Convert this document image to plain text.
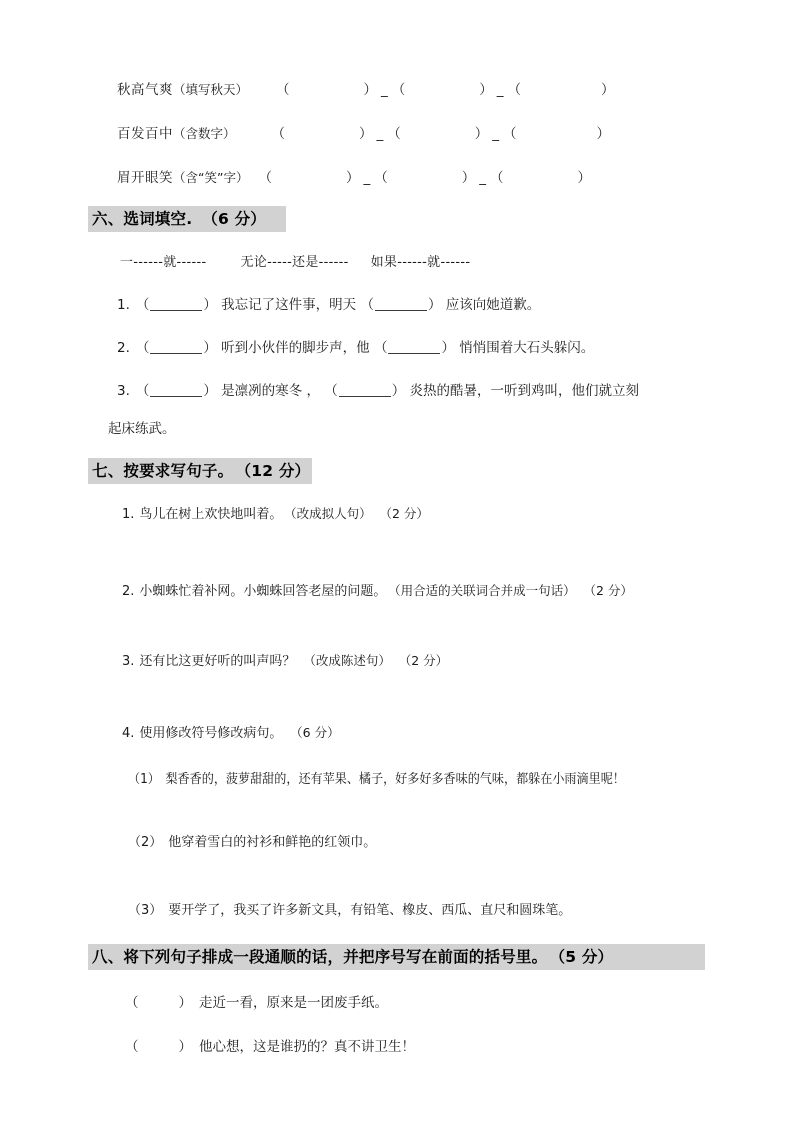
秋高气爽（填写秋天） （	） _ （	） _ （	）
百发百中（含数字）	（	） _ （	） _ （	）
眉开眼笑（含“笑”字） （	） _ （	） _ （	）
六、选词填空. （6 分）
一------就------	无论-----还是------ 如果------就------
1. （	） 我忘记了这件事，明天 （	） 应该向她道歉。
2. （	） 听到小伙伴的脚步声，他 （	） 悄悄围着大石头躲闪。
3. （	） 是凛冽的寒冬 ， （	） 炎热的酷暑，一听到鸡叫，他们就立刻
起床练武。
七、按要求写句子。 （12 分）
1. 鸟儿在树上欢快地叫着。 （改成拟人句） （2 分）
2. 小蜘蛛忙着补网。小蜘蛛回答老屋的问题。 （用合适的关联词合并成一句话） （2 分）
3. 还有比这更好听的叫声吗？ （改成陈述句） （2 分）
4. 使用修改符号修改病句。 （6 分）
（1） 梨香香的，菠萝甜甜的，还有苹果、橘子，好多好多香味的气味，都躲在小雨滴里呢！
（2） 他穿着雪白的衬衫和鲜艳的红领巾。
（3） 要开学了，我买了许多新文具，有铅笔、橡皮、西瓜、直尺和圆珠笔。
八、将下列句子排成一段通顺的话，并把序号写在前面的括号里。 （5 分）
（	） 走近一看，原来是一团废手纸。
（	） 他心想，这是谁扔的？真不讲卫生！
